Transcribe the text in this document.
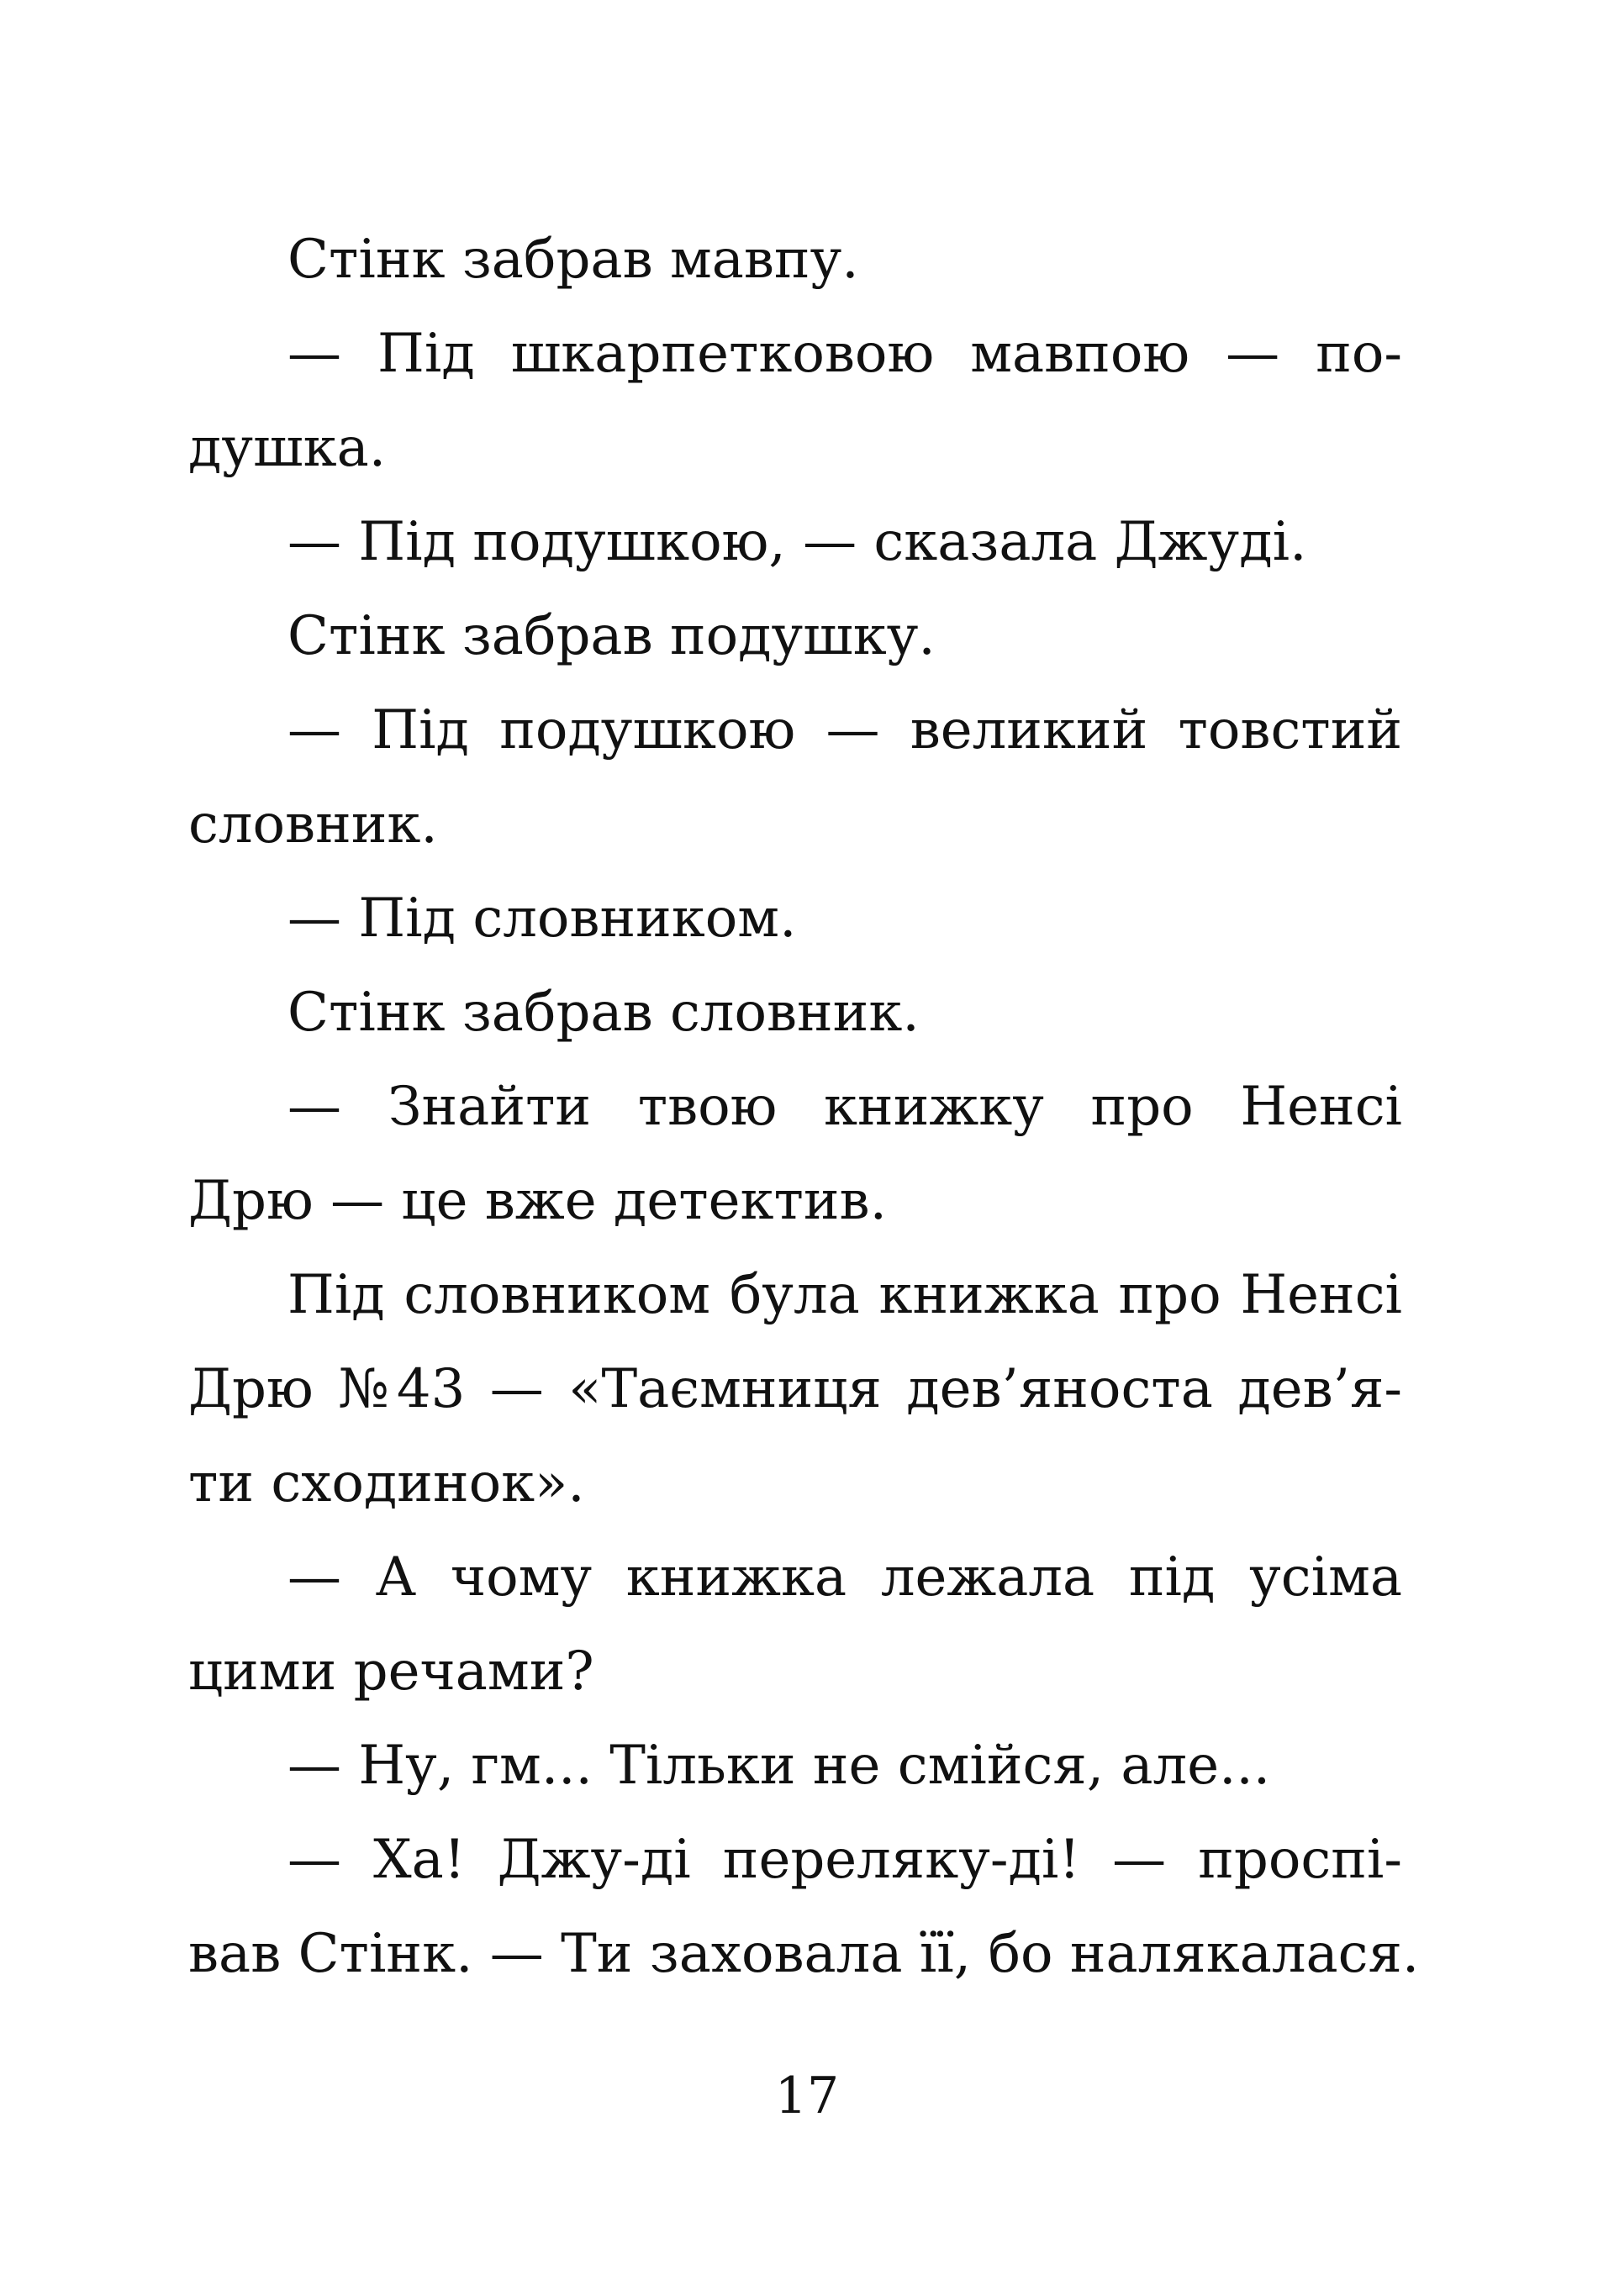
Стінк забрав мавпу.
— Під шкарпетковою мавпою — по-
душка.
— Під подушкою, — сказала Джуді.
Стінк забрав подушку.
— Під подушкою — великий товстий
словник.
— Під словником.
Стінк забрав словник.
— Знайти твою книжку про Ненсі
Дрю — це вже детектив.
Під словником була книжка про Ненсі
Дрю №43 — «Таємниця дев’яноста дев’я-
ти сходинок».
— А чому книжка лежала під усіма
цими речами?
— Ну, гм... Тільки не смійся, але...
— Ха! Джу-ді переляку-ді! — проспі-
вав Стінк. — Ти заховала її, бо налякалася.
17
